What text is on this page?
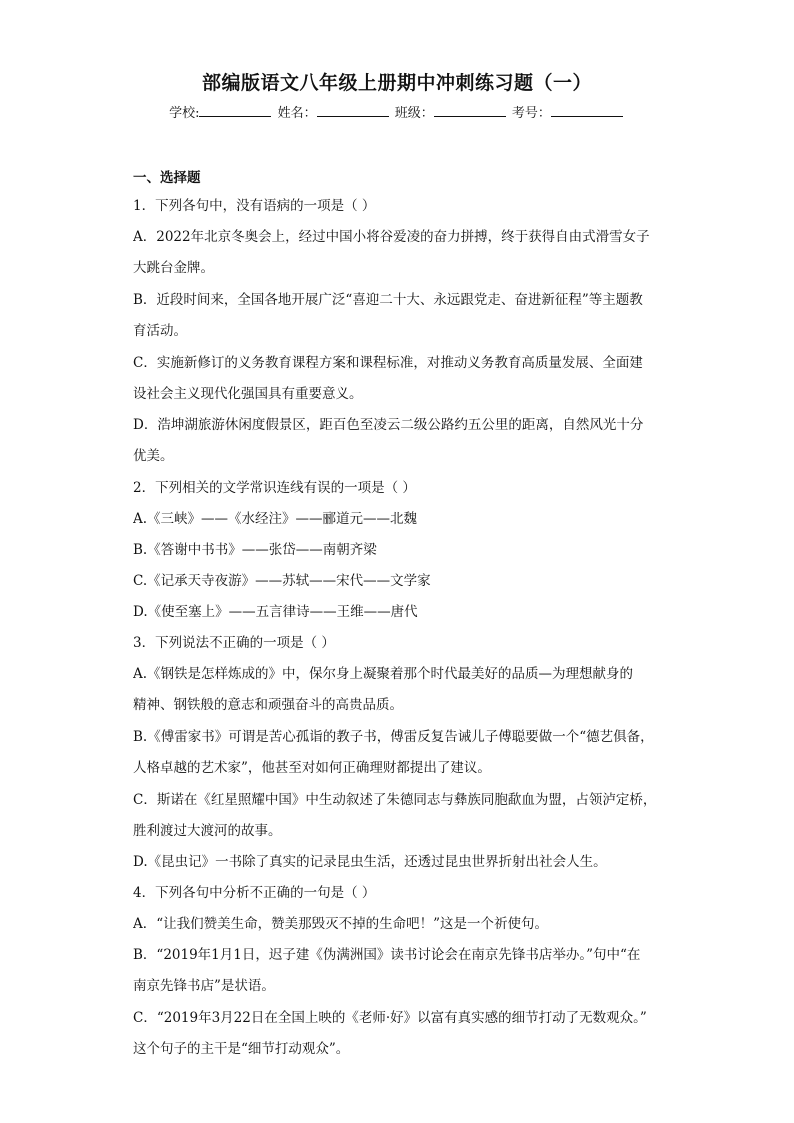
部编版语文八年级上册期中冲刺练习题（一）
学校:	姓名：	班级：	考号：
一、选择题
1．下列各句中，没有语病的一项是（ ）
A．2022年北京冬奥会上，经过中国小将谷爱凌的奋力拼搏，终于获得自由式滑雪女子
大跳台金牌。
B．近段时间来，全国各地开展广泛“喜迎二十大、永远跟党走、奋进新征程”等主题教
育活动。
C．实施新修订的义务教育课程方案和课程标准，对推动义务教育高质量发展、全面建
设社会主义现代化强国具有重要意义。
D．浩坤湖旅游休闲度假景区，距百色至凌云二级公路约五公里的距离，自然风光十分
优美。
2．下列相关的文学常识连线有误的一项是（ ）
A.《三峡》——《水经注》——郦道元——北魏
B.《答谢中书书》——张岱——南朝齐梁
C.《记承天寺夜游》——苏轼——宋代——文学家
D.《使至塞上》——五言律诗——王维——唐代
3．下列说法不正确的一项是（ ）
A.《钢铁是怎样炼成的》中，保尔身上凝聚着那个时代最美好的品质—为理想献身的
精神、钢铁般的意志和顽强奋斗的高贵品质。
B.《傅雷家书》可谓是苦心孤诣的教子书，傅雷反复告诫儿子傅聪要做一个“德艺俱备，
人格卓越的艺术家”，他甚至对如何正确理财都提出了建议。
C．斯诺在《红星照耀中国》中生动叙述了朱德同志与彝族同胞歃血为盟，占领泸定桥，
胜利渡过大渡河的故事。
D.《昆虫记》一书除了真实的记录昆虫生活，还透过昆虫世界折射出社会人生。
4．下列各句中分析不正确的一句是（ ）
A．“让我们赞美生命，赞美那毁灭不掉的生命吧！”这是一个祈使句。
B．“2019年1月1日，迟子建《伪满洲国》读书讨论会在南京先锋书店举办。”句中“在
南京先锋书店”是状语。
C．“2019年3月22日在全国上映的《老师·好》以富有真实感的细节打动了无数观众。”
这个句子的主干是“细节打动观众”。
